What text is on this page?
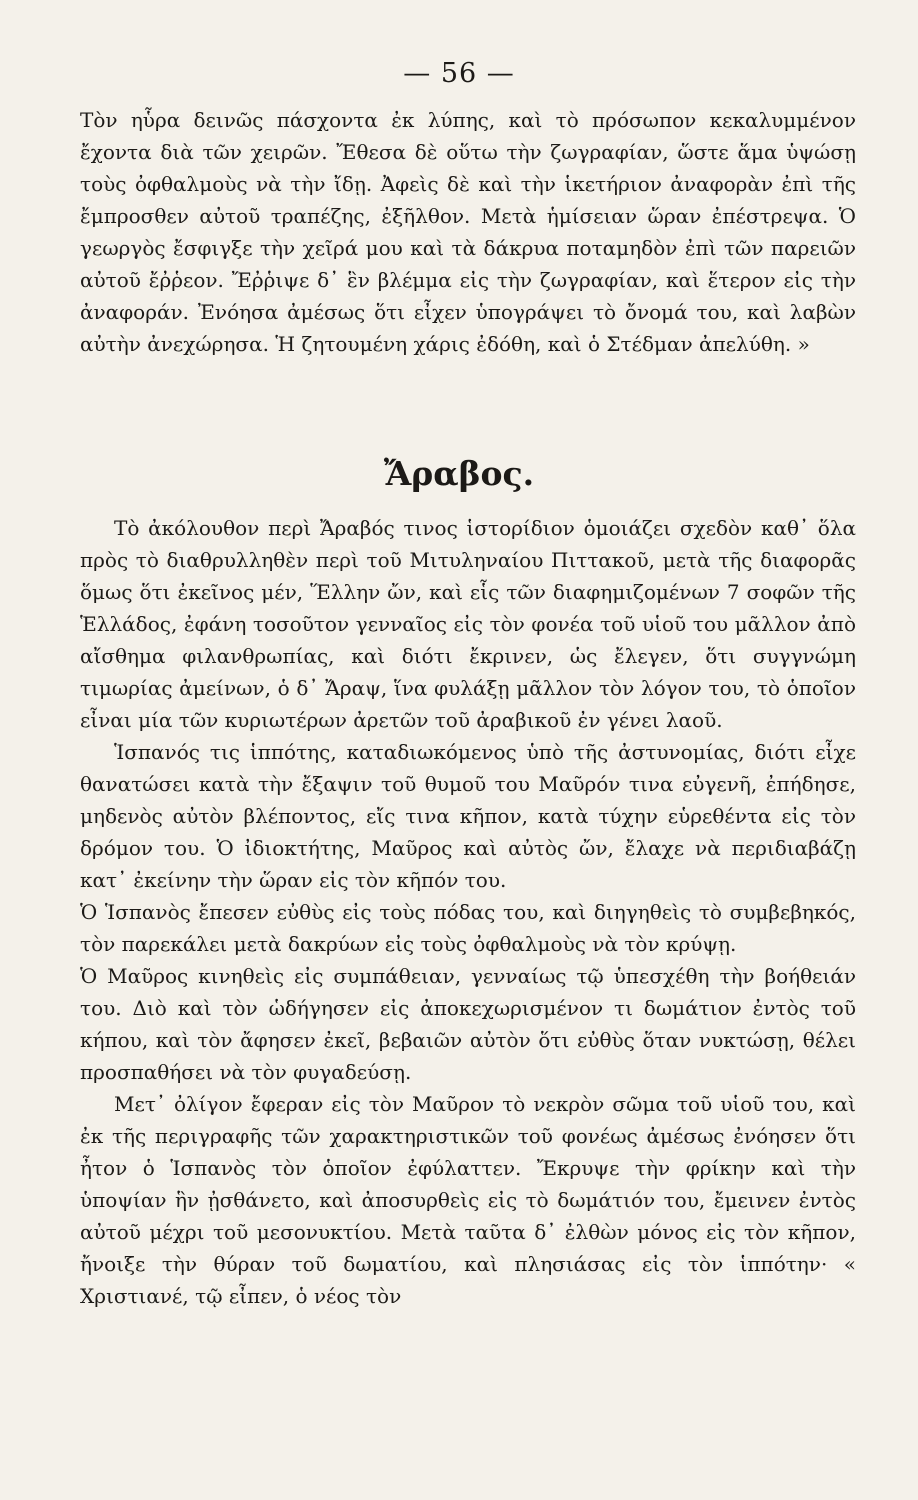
— 56 —

Τὸν ηὗρα δεινῶς πάσχοντα ἐκ λύπης, καὶ τὸ πρόσωπον κεκαλυμμένον ἔχοντα διὰ τῶν χειρῶν. Ἔθεσα δὲ οὕτω τὴν ζωγραφίαν, ὥστε ἅμα ὑψώσῃ τοὺς ὀφθαλμοὺς νὰ τὴν ἴδῃ. Ἀφεὶς δὲ καὶ τὴν ἱκετήριον ἀναφορὰν ἐπὶ τῆς ἔμπροσθεν αὐτοῦ τραπέζης, ἐξῆλθον. Μετὰ ἡμίσειαν ὥραν ἐπέστρεψα. Ὁ γεωργὸς ἔσφιγξε τὴν χεῖρά μου καὶ τὰ δάκρυα ποταμηδὸν ἐπὶ τῶν παρειῶν αὐτοῦ ἔῤῥεον. Ἔῤῥιψε δ᾽ ἓν βλέμμα εἰς τὴν ζωγραφίαν, καὶ ἕτερον εἰς τὴν ἀναφοράν. Ἐνόησα ἀμέσως ὅτι εἶχεν ὑπογράψει τὸ ὄνομά του, καὶ λαβὼν αὐτὴν ἀνεχώρησα. Ἡ ζητουμένη χάρις ἐδόθη, καὶ ὁ Στέδμαν ἀπελύθη. »

Ἄραβος.

Τὸ ἀκόλουθον περὶ Ἄραβός τινος ἱστορίδιον ὁμοιάζει σχεδὸν καθ᾽ ὅλα πρὸς τὸ διαθρυλληθὲν περὶ τοῦ Μιτυληναίου Πιττακοῦ, μετὰ τῆς διαφορᾶς ὅμως ὅτι ἐκεῖνος μέν, Ἕλλην ὤν, καὶ εἷς τῶν διαφημιζομένων 7 σοφῶν τῆς Ἑλλάδος, ἐφάνη τοσοῦτον γενναῖος εἰς τὸν φονέα τοῦ υἱοῦ του μᾶλλον ἀπὸ αἴσθημα φιλανθρωπίας, καὶ διότι ἔκρινεν, ὡς ἔλεγεν, ὅτι συγγνώμη τιμωρίας ἀμείνων, ὁ δ᾽ Ἄραψ, ἵνα φυλάξῃ μᾶλλον τὸν λόγον του, τὸ ὁποῖον εἶναι μία τῶν κυριωτέρων ἀρετῶν τοῦ ἀραβικοῦ ἐν γένει λαοῦ.

Ἱσπανός τις ἱππότης, καταδιωκόμενος ὑπὸ τῆς ἀστυνομίας, διότι εἶχε θανατώσει κατὰ τὴν ἔξαψιν τοῦ θυμοῦ του Μαῦρόν τινα εὐγενῆ, ἐπήδησε, μηδενὸς αὐτὸν βλέποντος, εἴς τινα κῆπον, κατὰ τύχην εὑρεθέντα εἰς τὸν δρόμον του. Ὁ ἰδιοκτήτης, Μαῦρος καὶ αὐτὸς ὤν, ἔλαχε νὰ περιδιαβάζῃ κατ᾽ ἐκείνην τὴν ὥραν εἰς τὸν κῆπόν του.

Ὁ Ἱσπανὸς ἔπεσεν εὐθὺς εἰς τοὺς πόδας του, καὶ διηγηθεὶς τὸ συμβεβηκός, τὸν παρεκάλει μετὰ δακρύων εἰς τοὺς ὀφθαλμοὺς νὰ τὸν κρύψῃ.

Ὁ Μαῦρος κινηθεὶς εἰς συμπάθειαν, γενναίως τῷ ὑπεσχέθη τὴν βοήθειάν του. Διὸ καὶ τὸν ὡδήγησεν εἰς ἀποκεχωρισμένον τι δωμάτιον ἐντὸς τοῦ κήπου, καὶ τὸν ἄφησεν ἐκεῖ, βεβαιῶν αὐτὸν ὅτι εὐθὺς ὅταν νυκτώσῃ, θέλει προσπαθήσει νὰ τὸν φυγαδεύσῃ.

Μετ᾽ ὀλίγον ἔφεραν εἰς τὸν Μαῦρον τὸ νεκρὸν σῶμα τοῦ υἱοῦ του, καὶ ἐκ τῆς περιγραφῆς τῶν χαρακτηριστικῶν τοῦ φονέως ἀμέσως ἐνόησεν ὅτι ἦτον ὁ Ἱσπανὸς τὸν ὁποῖον ἐφύλαττεν. Ἔκρυψε τὴν φρίκην καὶ τὴν ὑποψίαν ἣν ᾐσθάνετο, καὶ ἀποσυρθεὶς εἰς τὸ δωμάτιόν του, ἔμεινεν ἐντὸς αὐτοῦ μέχρι τοῦ μεσονυκτίου. Μετὰ ταῦτα δ᾽ ἐλθὼν μόνος εἰς τὸν κῆπον, ἤνοιξε τὴν θύραν τοῦ δωματίου, καὶ πλησιάσας εἰς τὸν ἱππότην· « Χριστιανέ, τῷ εἶπεν, ὁ νέος τὸν
